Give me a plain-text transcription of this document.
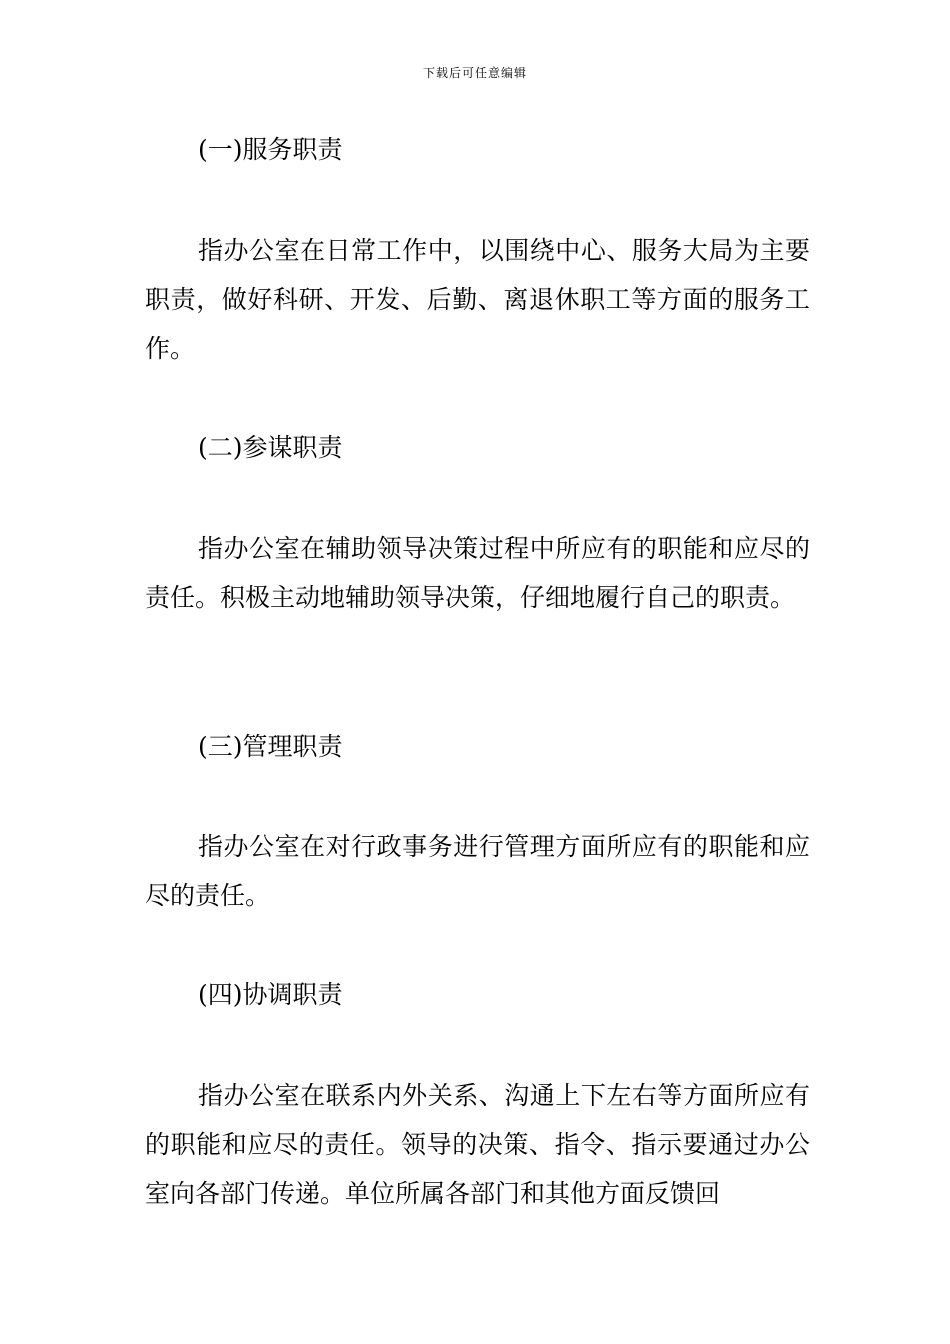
下载后可任意编辑
(一)服务职责
指办公室在日常工作中，以围绕中心、服务大局为主要职责，做好科研、开发、后勤、离退休职工等方面的服务工作。
(二)参谋职责
指办公室在辅助领导决策过程中所应有的职能和应尽的责任。积极主动地辅助领导决策，仔细地履行自己的职责。
(三)管理职责
指办公室在对行政事务进行管理方面所应有的职能和应尽的责任。
(四)协调职责
指办公室在联系内外关系、沟通上下左右等方面所应有的职能和应尽的责任。领导的决策、指令、指示要通过办公室向各部门传递。单位所属各部门和其他方面反馈回
